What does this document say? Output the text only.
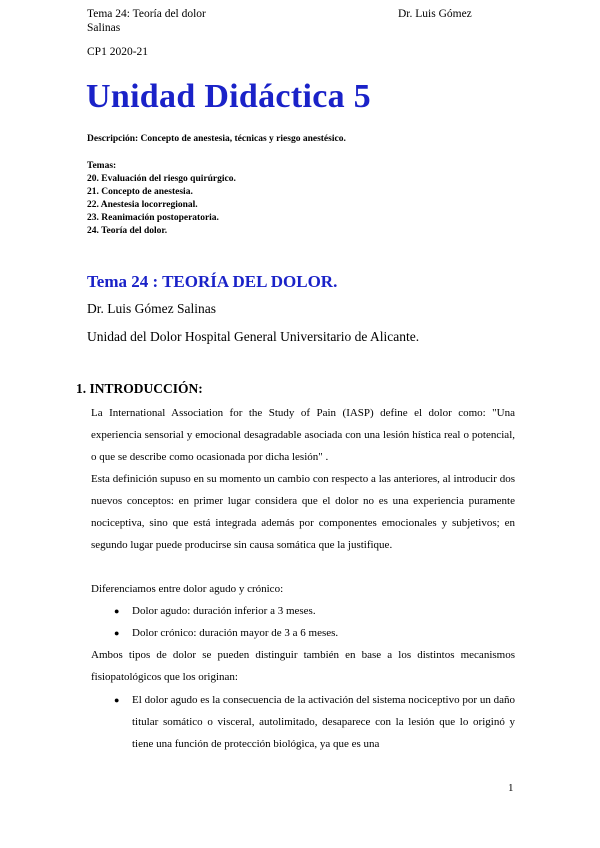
Tema 24: Teoría del dolor	Dr. Luis Gómez
Salinas
CP1 2020-21
Unidad Didáctica 5
Descripción: Concepto de anestesia, técnicas y riesgo anestésico.
Temas:
20. Evaluación del riesgo quirúrgico.
21. Concepto de anestesia.
22. Anestesia locorregional.
23. Reanimación postoperatoria.
24. Teoría del dolor.
Tema 24 : TEORÍA DEL DOLOR.
Dr. Luis Gómez Salinas
Unidad del Dolor Hospital General Universitario de Alicante.
1. INTRODUCCIÓN:
La International Association for the Study of Pain (IASP) define el dolor como: "Una experiencia sensorial y emocional desagradable asociada con una lesión hística real o potencial, o que se describe como ocasionada por dicha lesión" .
Esta definición supuso en su momento un cambio con respecto a las anteriores, al introducir dos nuevos conceptos: en primer lugar considera que el dolor no es una experiencia puramente nociceptiva, sino que está integrada además por componentes emocionales y subjetivos; en segundo lugar puede producirse sin causa somática que la justifique.
Diferenciamos entre dolor agudo y crónico:
● Dolor agudo: duración inferior a 3 meses.
● Dolor crónico: duración mayor de 3 a 6 meses.
Ambos tipos de dolor se pueden distinguir también en base a los distintos mecanismos fisiopatológicos que los originan:
● El dolor agudo es la consecuencia de la activación del sistema nociceptivo por un daño titular somático o visceral, autolimitado, desaparece con la lesión que lo originó y tiene una función de protección biológica, ya que es una
1
